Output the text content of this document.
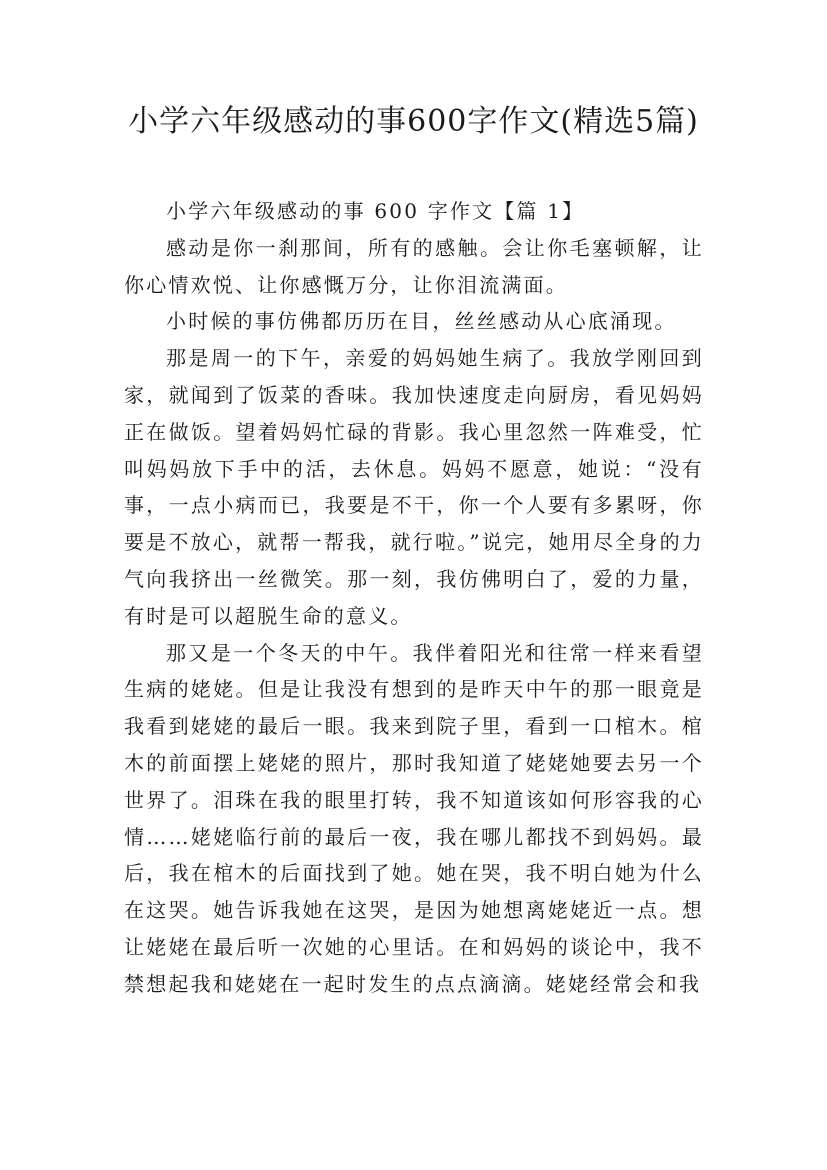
小学六年级感动的事600字作文(精选5篇)

小学六年级感动的事 600 字作文【篇 1】

感动是你一刹那间，所有的感触。会让你毛塞顿解，让你心情欢悦、让你感慨万分，让你泪流满面。

小时候的事仿佛都历历在目，丝丝感动从心底涌现。

那是周一的下午，亲爱的妈妈她生病了。我放学刚回到家，就闻到了饭菜的香味。我加快速度走向厨房，看见妈妈正在做饭。望着妈妈忙碌的背影。我心里忽然一阵难受，忙叫妈妈放下手中的活，去休息。妈妈不愿意，她说：“没有事，一点小病而已，我要是不干，你一个人要有多累呀，你要是不放心，就帮一帮我，就行啦。”说完，她用尽全身的力气向我挤出一丝微笑。那一刻，我仿佛明白了，爱的力量，有时是可以超脱生命的意义。

那又是一个冬天的中午。我伴着阳光和往常一样来看望生病的姥姥。但是让我没有想到的是昨天中午的那一眼竟是我看到姥姥的最后一眼。我来到院子里，看到一口棺木。棺木的前面摆上姥姥的照片，那时我知道了姥姥她要去另一个世界了。泪珠在我的眼里打转，我不知道该如何形容我的心情……姥姥临行前的最后一夜，我在哪儿都找不到妈妈。最后，我在棺木的后面找到了她。她在哭，我不明白她为什么在这哭。她告诉我她在这哭，是因为她想离姥姥近一点。想让姥姥在最后听一次她的心里话。在和妈妈的谈论中，我不禁想起我和姥姥在一起时发生的点点滴滴。姥姥经常会和我
